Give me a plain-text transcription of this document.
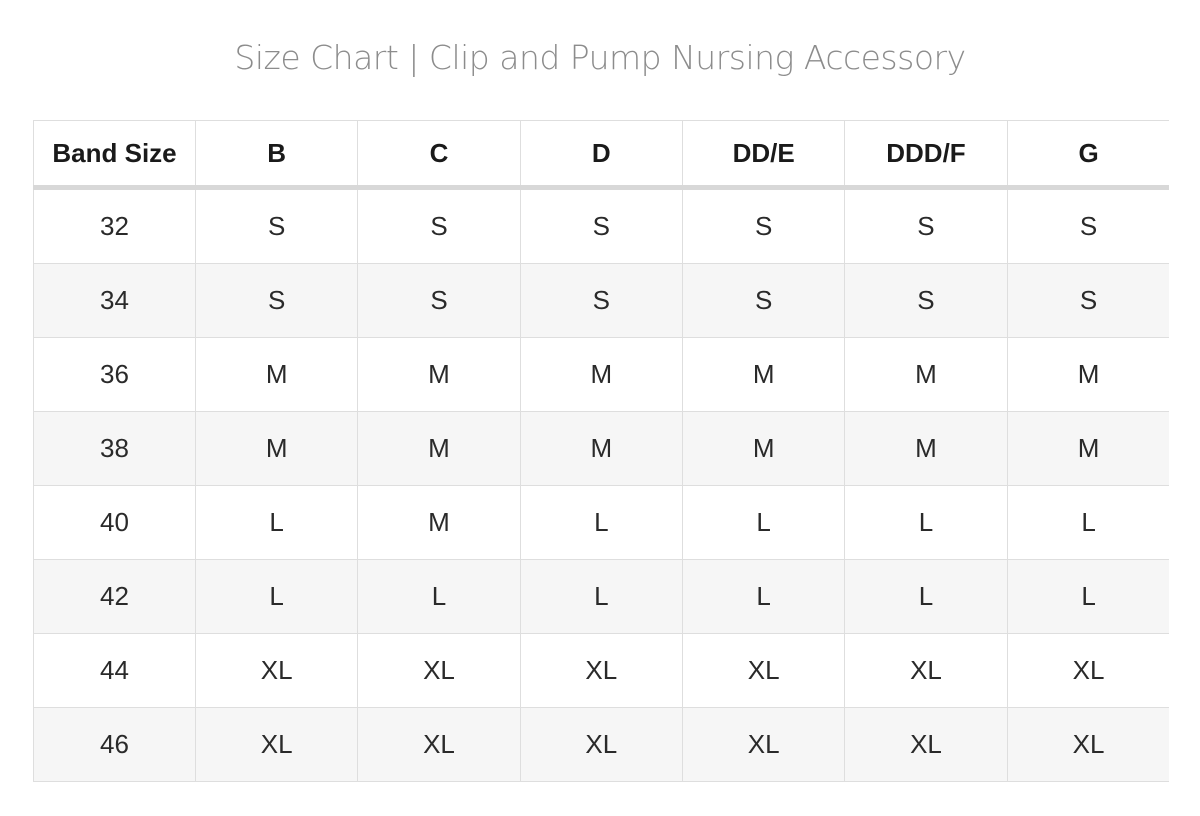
Size Chart | Clip and Pump Nursing Accessory
Band Size	B	C	D	DD/E	DDD/F	G
32	S	S	S	S	S	S
34	S	S	S	S	S	S
36	M	M	M	M	M	M
38	M	M	M	M	M	M
40	L	M	L	L	L	L
42	L	L	L	L	L	L
44	XL	XL	XL	XL	XL	XL
46	XL	XL	XL	XL	XL	XL
